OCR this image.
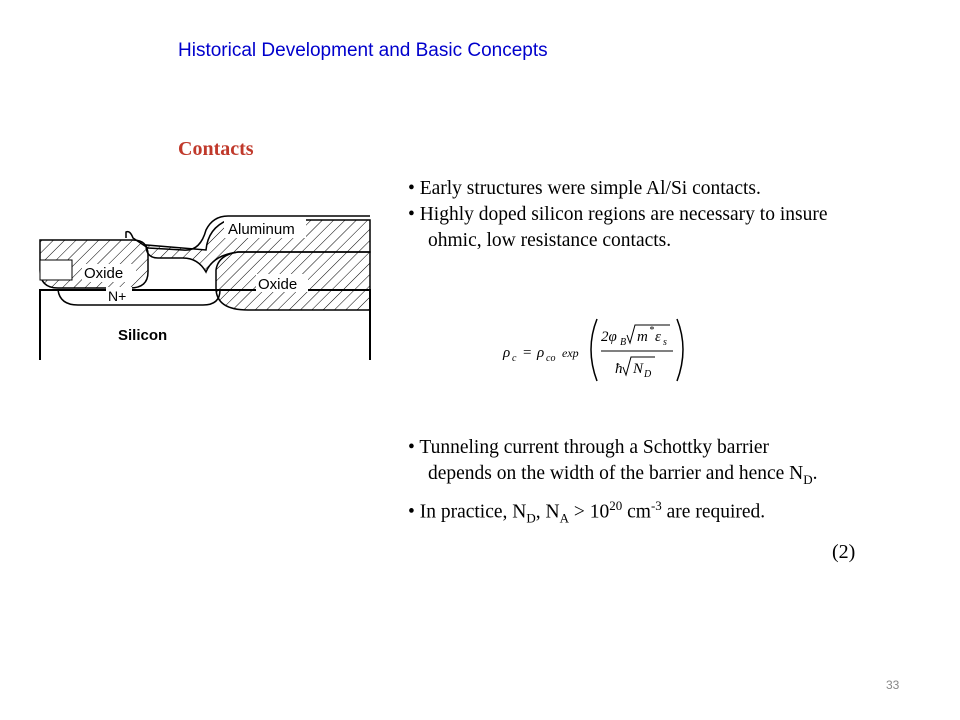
Historical Development and Basic Concepts
Contacts
Aluminum
Oxide
Oxide
N+
Silicon

• Early structures were simple Al/Si contacts.

• Highly doped silicon regions are necessary to insure

ohmic, low resistance contacts.

ρ c = ρ co exp
2φ B m * ε s
ħ N D

• Tunneling current through a Schottky barrier

depends on the width of the barrier and hence $N_D$.

• In practice, $N_D$, $N_A > 10^{20}$ $cm^{-3}$ are required.

(2)
33
